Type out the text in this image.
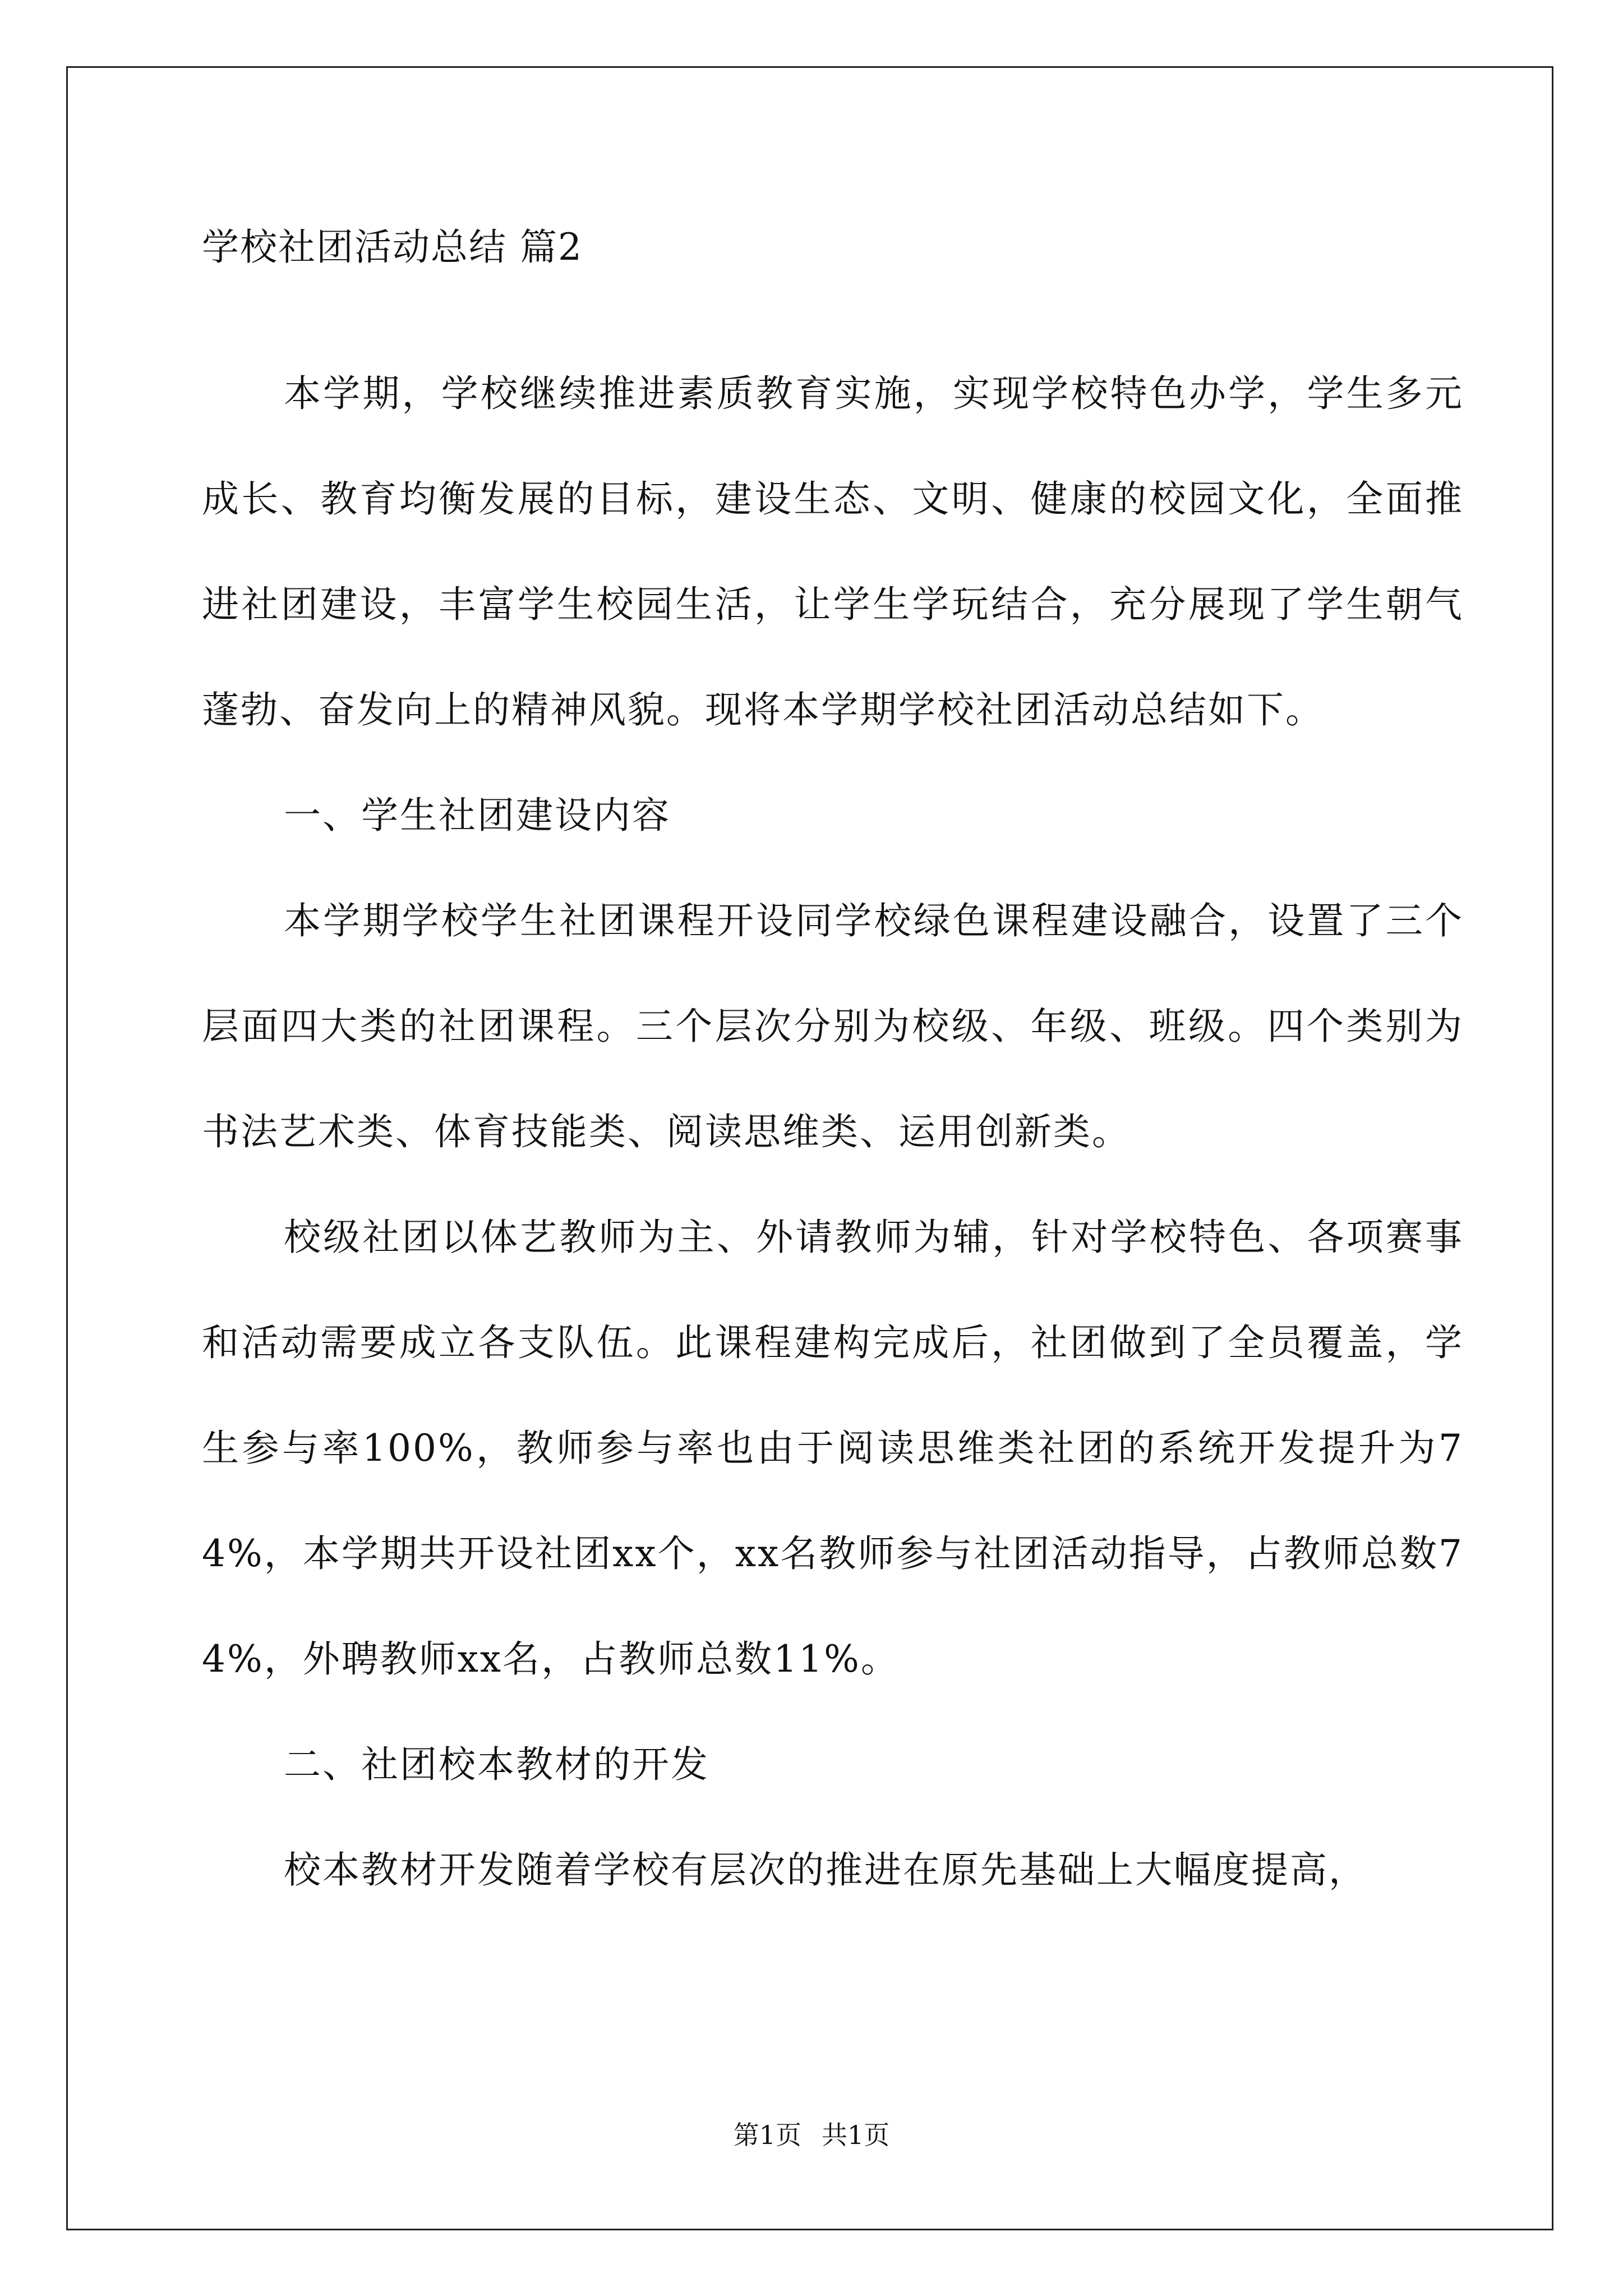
学校社团活动总结 篇2

本学期，学校继续推进素质教育实施，实现学校特色办学，学生多元成长、教育均衡发展的目标，建设生态、文明、健康的校园文化，全面推进社团建设，丰富学生校园生活，让学生学玩结合，充分展现了学生朝气蓬勃、奋发向上的精神风貌。现将本学期学校社团活动总结如下。

一、学生社团建设内容

本学期学校学生社团课程开设同学校绿色课程建设融合，设置了三个层面四大类的社团课程。三个层次分别为校级、年级、班级。四个类别为书法艺术类、体育技能类、阅读思维类、运用创新类。

校级社团以体艺教师为主、外请教师为辅，针对学校特色、各项赛事和活动需要成立各支队伍。此课程建构完成后，社团做到了全员覆盖，学生参与率100%，教师参与率也由于阅读思维类社团的系统开发提升为74%，本学期共开设社团xx个，xx名教师参与社团活动指导，占教师总数74%，外聘教师xx名，占教师总数11%。

二、社团校本教材的开发

校本教材开发随着学校有层次的推进在原先基础上大幅度提高，

第1页 共1页
